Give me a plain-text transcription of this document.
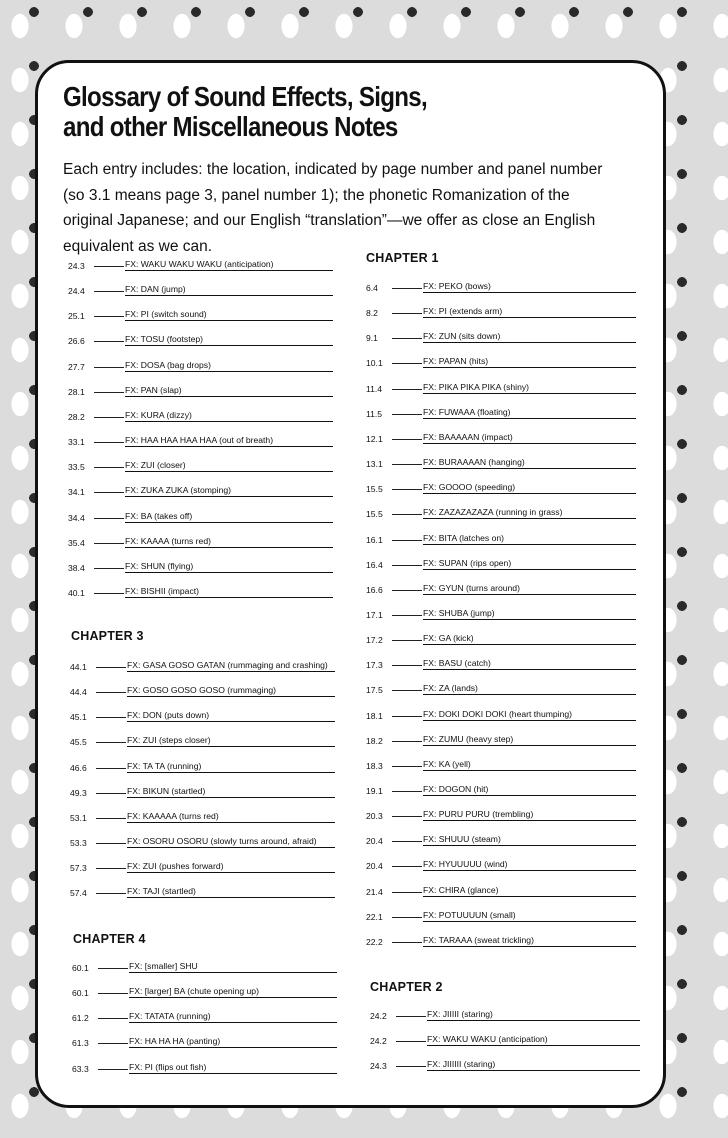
Glossary of Sound Effects, Signs,
and other Miscellaneous Notes
Each entry includes: the location, indicated by page number and panel number (so 3.1 means page 3, panel number 1); the phonetic Romanization of the original Japanese; and our English “translation”—we offer as close an English equivalent as we can.
24.3	FX: WAKU WAKU WAKU (anticipation)
24.4	FX: DAN (jump)
25.1	FX: PI (switch sound)
26.6	FX: TOSU (footstep)
27.7	FX: DOSA (bag drops)
28.1	FX: PAN (slap)
28.2	FX: KURA (dizzy)
33.1	FX: HAA HAA HAA HAA (out of breath)
33.5	FX: ZUI (closer)
34.1	FX: ZUKA ZUKA (stomping)
34.4	FX: BA (takes off)
35.4	FX: KAAAA (turns red)
38.4	FX: SHUN (flying)
40.1	FX: BISHII (impact)
CHAPTER 3
44.1	FX: GASA GOSO GATAN (rummaging and crashing)
44.4	FX: GOSO GOSO GOSO (rummaging)
45.1	FX: DON (puts down)
45.5	FX: ZUI (steps closer)
46.6	FX: TA TA (running)
49.3	FX: BIKUN (startled)
53.1	FX: KAAAAA (turns red)
53.3	FX: OSORU OSORU (slowly turns around, afraid)
57.3	FX: ZUI (pushes forward)
57.4	FX: TAJI (startled)
CHAPTER 4
60.1	FX: [smaller] SHU
60.1	FX: [larger] BA (chute opening up)
61.2	FX: TATATA (running)
61.3	FX: HA HA HA (panting)
63.3	FX: PI (flips out fish)
CHAPTER 1
6.4	FX: PEKO (bows)
8.2	FX: PI (extends arm)
9.1	FX: ZUN (sits down)
10.1	FX: PAPAN (hits)
11.4	FX: PIKA PIKA PIKA (shiny)
11.5	FX: FUWAAA (floating)
12.1	FX: BAAAAAN (impact)
13.1	FX: BURAAAAN (hanging)
15.5	FX: GOOOO (speeding)
15.5	FX: ZAZAZAZAZA (running in grass)
16.1	FX: BITA (latches on)
16.4	FX: SUPAN (rips open)
16.6	FX: GYUN (turns around)
17.1	FX: SHUBA (jump)
17.2	FX: GA (kick)
17.3	FX: BASU (catch)
17.5	FX: ZA (lands)
18.1	FX: DOKI DOKI DOKI (heart thumping)
18.2	FX: ZUMU (heavy step)
18.3	FX: KA (yell)
19.1	FX: DOGON (hit)
20.3	FX: PURU PURU (trembling)
20.4	FX: SHUUU (steam)
20.4	FX: HYUUUUU (wind)
21.4	FX: CHIRA (glance)
22.1	FX: POTUUUUN (small)
22.2	FX: TARAAA (sweat trickling)
CHAPTER 2
24.2	FX: JIIIII (staring)
24.2	FX: WAKU WAKU (anticipation)
24.3	FX: JIIIIII (staring)
